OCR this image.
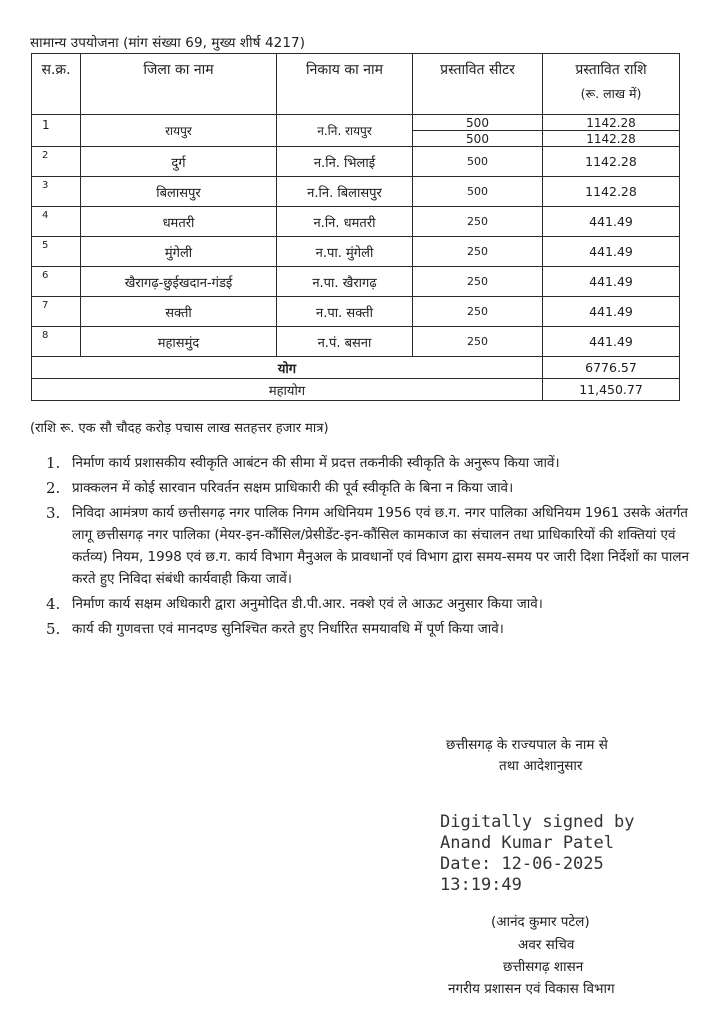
सामान्य उपयोजना (मांग संख्या 69, मुख्य शीर्ष 4217)
स.क्र.	जिला का नाम	निकाय का नाम	प्रस्तावित सीटर	प्रस्तावित राशि
(रू. लाख में)

1	रायपुर	न.नि. रायपुर	500	1142.28
			500	1142.28
2	दुर्ग	न.नि. भिलाई	500	1142.28
3	बिलासपुर	न.नि. बिलासपुर	500	1142.28
4	धमतरी	न.नि. धमतरी	250	441.49
5	मुंगेली	न.पा. मुंगेली	250	441.49
6	खैरागढ़-छुईखदान-गंडई	न.पा. खैरागढ़	250	441.49
7	सक्ती	न.पा. सक्ती	250	441.49
8	महासमुंद	न.पं. बसना	250	441.49
योग				6776.57
महायोग				11,450.77
(राशि रू. एक सौ चौदह करोड़ पचास लाख सतहत्तर हजार मात्र)
1. निर्माण कार्य प्रशासकीय स्वीकृति आबंटन की सीमा में प्रदत्त तकनीकी स्वीकृति के अनुरूप किया जावें।
2. प्राक्कलन में कोई सारवान परिवर्तन सक्षम प्राधिकारी की पूर्व स्वीकृति के बिना न किया जावे।
3. निविदा आमंत्रण कार्य छत्तीसगढ़ नगर पालिक निगम अधिनियम 1956 एवं छ.ग. नगर पालिका अधिनियम 1961 उसके अंतर्गत लागू छत्तीसगढ़ नगर पालिका (मेयर-इन-कौंसिल/प्रेसीडेंट-इन-कौंसिल कामकाज का संचालन तथा प्राधिकारियों की शक्तियां एवं कर्तव्य) नियम, 1998 एवं छ.ग. कार्य विभाग मैनुअल के प्रावधानों एवं विभाग द्वारा समय-समय पर जारी दिशा निर्देशों का पालन करते हुए निविदा संबंधी कार्यवाही किया जावें।
4. निर्माण कार्य सक्षम अधिकारी द्वारा अनुमोदित डी.पी.आर. नक्शे एवं ले आऊट अनुसार किया जावे।
5. कार्य की गुणवत्ता एवं मानदण्ड सुनिश्चित करते हुए निर्धारित समयावधि में पूर्ण किया जावे।
छत्तीसगढ़ के राज्यपाल के नाम से
तथा आदेशानुसार
Digitally signed by
Anand Kumar Patel
Date: 12-06-2025
13:19:49
(आनंद कुमार पटेल)
अवर सचिव
छत्तीसगढ़ शासन
नगरीय प्रशासन एवं विकास विभाग
